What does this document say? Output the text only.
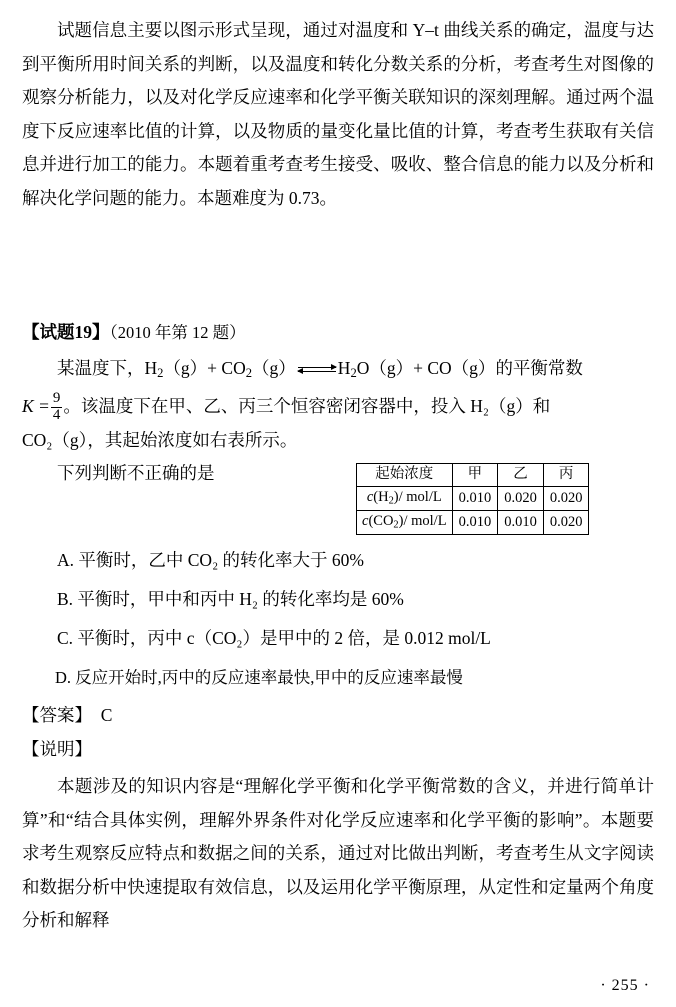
试题信息主要以图示形式呈现，通过对温度和 Y–t 曲线关系的确定，温度与达到平衡所用时间关系的判断，以及温度和转化分数关系的分析，考查考生对图像的观察分析能力，以及对化学反应速率和化学平衡关联知识的深刻理解。通过两个温度下反应速率比值的计算，以及物质的量变化量比值的计算，考查考生获取有关信息并进行加工的能力。本题着重考查考生接受、吸收、整合信息的能力以及分析和解决化学问题的能力。本题难度为 0.73。
【试题19】（2010 年第 12 题）
某温度下，$H_2(g)+ CO_2(g)$ $H_2O(g)+ CO(g)$的平衡常数
$K = \frac{9}{4}$ 。该温度下在甲、乙、丙三个恒容密闭容器中，投入 H₂（g）和
CO₂（g），其起始浓度如右表所示。
下列判断不正确的是	起始浓度	甲	乙	丙
$c(H_2)/$ mol/L	0.010	0.020	0.020
$c(CO_2)/$ mol/L	0.010	0.010	0.020
A. 平衡时，乙中 CO₂ 的转化率大于 60%
B. 平衡时，甲中和丙中 H₂ 的转化率均是 60%
C. 平衡时，丙中 c（CO₂）是甲中的 2 倍，是 0.012 mol/L
D. 反应开始时,丙中的反应速率最快,甲中的反应速率最慢
【答案】 C
【说明】
本题涉及的知识内容是“理解化学平衡和化学平衡常数的含义，并进行简单计算”和“结合具体实例，理解外界条件对化学反应速率和化学平衡的影响”。本题要求考生观察反应特点和数据之间的关系，通过对比做出判断，考查考生从文字阅读和数据分析中快速提取有效信息，以及运用化学平衡原理，从定性和定量两个角度分析和解释
· 255 ·
